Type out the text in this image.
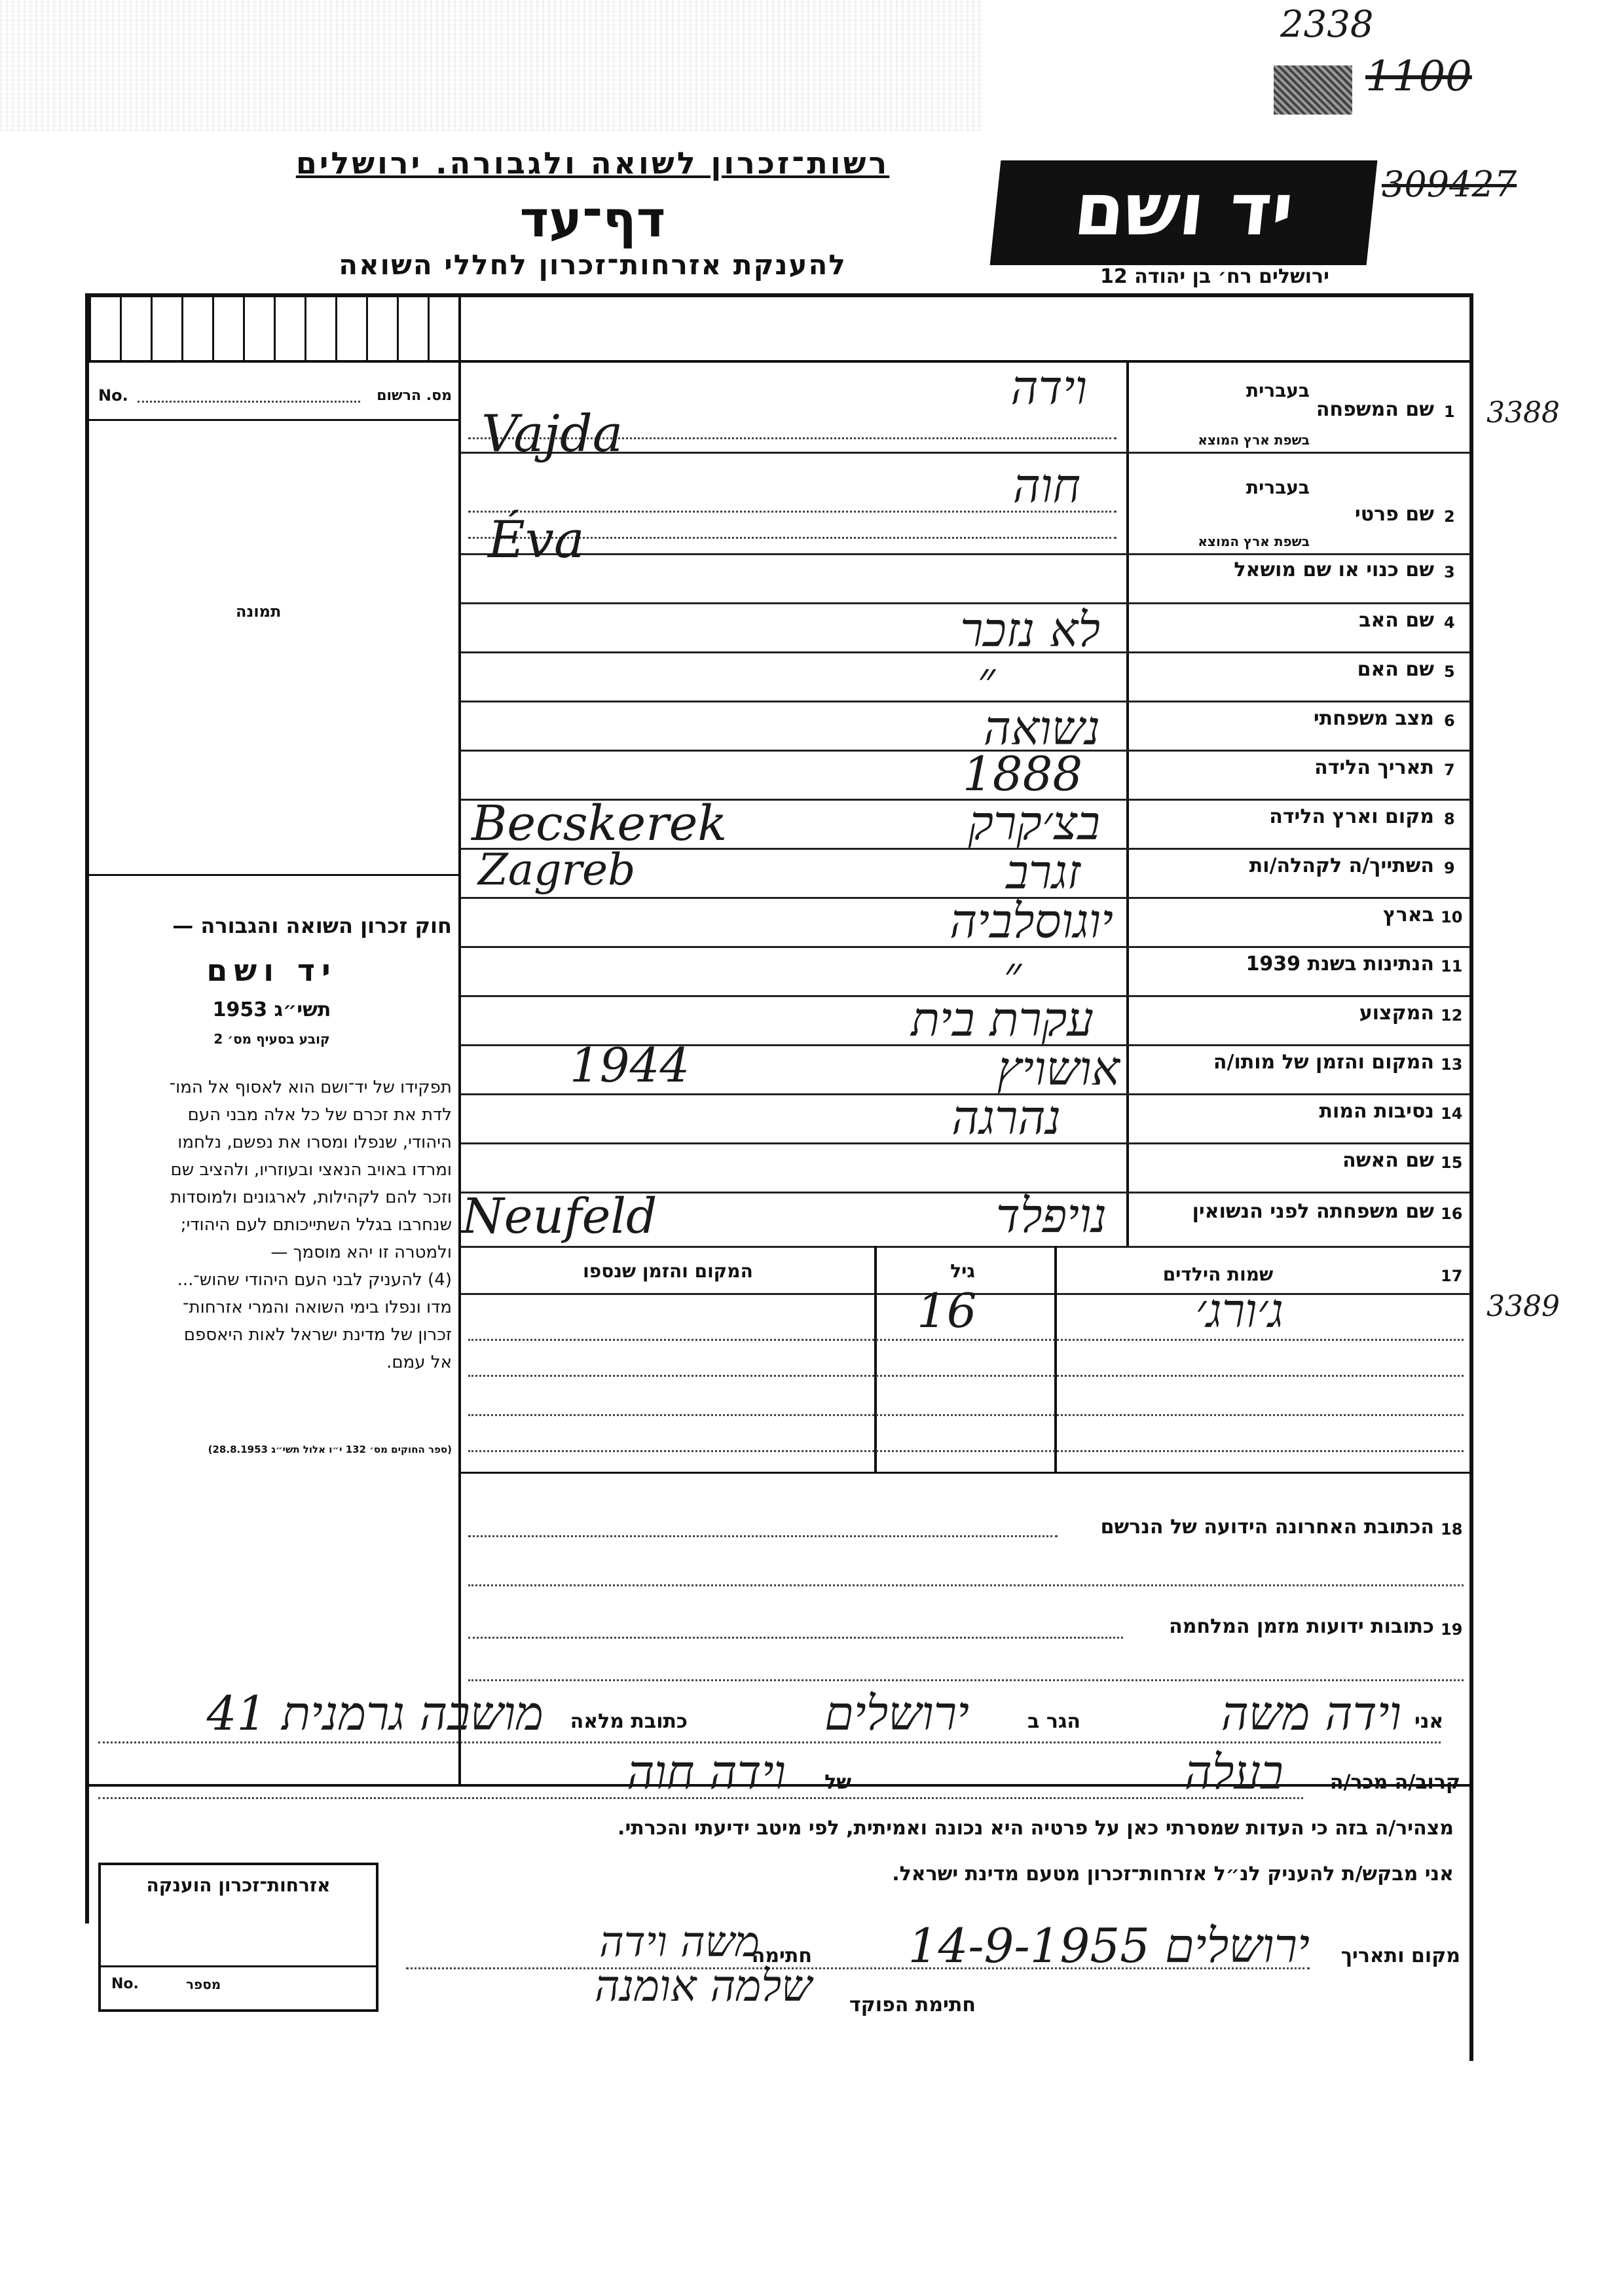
2338
1100
309427
3388
3389
רשות־זכרון לשואה ולגבורה. ירושלים
דף־עד
להענקת אזרחות־זכרון לחללי השואה
יד ושם
ירושלים רח׳ בן יהודה 12
No.	מס. הרשום
תמונה
חוק זכרון השואה והגבורה —
יד ושם
תשי״ג 1953
קובע בסעיף מס׳ 2
תפקידו של יד־ושם הוא לאסוף אל המו־
לדת את זכרם של כל אלה מבני העם
היהודי, שנפלו ומסרו את נפשם, נלחמו
ומרדו באויב הנאצי ובעוזריו, ולהציב שם
וזכר להם לקהילות, לארגונים ולמוסדות
שנחרבו בגלל השתייכותם לעם היהודי;
ולמטרה זו יהא מוסמך —
(4) להעניק לבני העם היהודי שהוש־...
מדו ונפלו בימי השואה והמרי אזרחות־
זכרון של מדינת ישראל לאות היאספם
אל עמם.
(ספר החוקים מס׳ 132 י״ו אלול תשי״ג 28.8.1953)
1
שם המשפחה
בעברית
בשפת ארץ המוצא
וידה
Vajda
2
שם פרטי
בעברית
בשפת ארץ המוצא
חוה
Éva
3
שם כנוי או שם מושאל
4
שם האב
לא נזכר
5
שם האם
״
6
מצב משפחתי
נשואה
7
תאריך הלידה
1888
8
מקום וארץ הלידה
בצ׳קרק
Becskerek
9
השתייך/ה לקהלה/ות
זגרב
Zagreb
10
בארץ
יוגוסלביה
11
הנתינות בשנת 1939
״
12
המקצוע
עקרת בית
13
המקום והזמן של מותו/ה
אושויץ
1944
14
נסיבות המות
נהרגה
15
שם האשה
16
שם משפחתה לפני הנשואין
נויפלד
Neufeld
17
שמות הילדים
גיל
המקום והזמן שנספו
ג׳ורג׳
16
18
הכתובת האחרונה הידועה של הנרשם
19
כתובות ידועות מזמן המלחמה
אני
וידה משה
הגר ב
ירושלים
כתובת מלאה
מושבה גרמנית 41
קרוב/ה מכר/ה
בעלה
של
וידה חוה
מצהיר/ה בזה כי העדות שמסרתי כאן על פרטיה היא נכונה ואמיתית, לפי מיטב ידיעתי והכרתי.
אני מבקש/ת להעניק לנ״ל אזרחות־זכרון מטעם מדינת ישראל.
אזרחות־זכרון הוענקה
No.	מספר
מקום ותאריך
ירושלים 14-9-1955
חתימה
משה וידה
חתימת הפוקד
שלמה אומנה
